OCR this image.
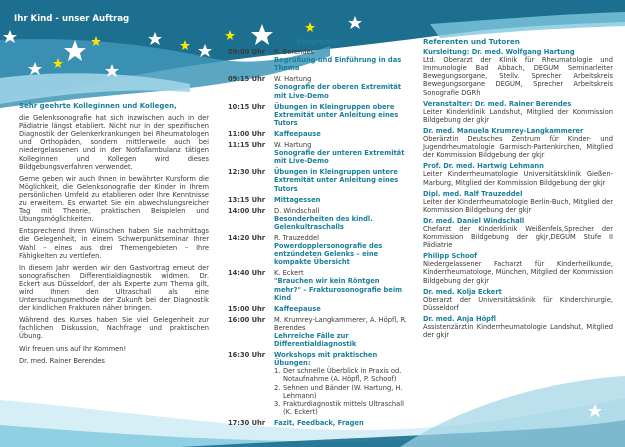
Ihr Kind - unser Auftrag
Sehr geehrte Kolleginnen und Kollegen,
die Gelenksonografie hat sich inzwischen auch in der Pädiatrie längst etabliert. Nicht nur in der spezifischen Diagnostik der Gelenkerkrankungen bei Rheumatologen und Orthopäden, sondern mittlerweile auch bei niedergelassenen und in der Notfallambulanz tätigen Kolleginnen und Kollegen wird dieses Bildgebungsverfahren verwendet.
Gerne geben wir auch Ihnen in bewährter Kursform die Möglichkeit, die Gelenksonografie der Kinder in Ihrem persönlichen Umfeld zu etablieren oder Ihre Kenntnisse zu erweitern. Es erwartet Sie ein abwechslungsreicher Tag mit Theorie, praktischen Beispielen und Übungsmöglichkeiten.
Entsprechend Ihren Wünschen haben Sie nachmittags die Gelegenheit, in einem Schwerpunktseminar Ihrer Wahl – eines aus drei Themengebieten – Ihre Fähigkeiten zu vertiefen.
In diesem Jahr werden wir den Gastvortrag erneut der sonografischen Differentialdiagnostik widmen. Dr. Eckert aus Düsseldorf, der als Experte zum Thema gilt, wird Ihnen den Ultraschall als eine Untersuchungsmethode der Zukunft bei der Diagnostik der kindlichen Frakturen näher bringen.
Während des Kurses haben Sie viel Gelegenheit zur fachlichen Diskussion, Nachfrage und praktischen Übung.
Wir freuen uns auf Ihr Kommen!
Dr. med. Rainer Berendes
Programm
09:00 Uhr	R. Berendes
Begrüßung und Einführung in das Thema
09:15 Uhr	W. Hartung
Sonografie der oberen Extremität mit Live-Demo
10:15 Uhr	Übungen in Kleingruppen obere Extremität unter Anleitung eines Tutors
11:00 Uhr	Kaffeepause
11:15 Uhr	W. Hartung
Sonografie der unteren Extremität mit Live-Demo
12:30 Uhr	Übungen in Kleingruppen untere Extremität unter Anleitung eines Tutors
13:15 Uhr	Mittagessen
14:00 Uhr	D. Windschall
Besonderheiten des kindl. Gelenkultraschalls
14:20 Uhr	R. Trauzeddel
Powerdopplersonografie des entzündeten Gelenks – eine kompakte Übersicht
14:40 Uhr	K. Eckert
"Brauchen wir kein Röntgen mehr?" – Frakturosonografie beim Kind
15:00 Uhr	Kaffeepause
16:00 Uhr	M. Krumrey-Langkammerer, A. Höpfl, R. Berendes
Lehrreiche Fälle zur Differentialdiagnostik
16:30 Uhr	Workshops mit praktischen Übungen:
1. Der schnelle Überblick in Praxis od. Notaufnahme (A. Höpfl, P. Schoof)
2. Sehnen und Bänder (W. Hartung, H. Lehmann)
3. Frakturdiagnostik mittels Ultraschall (K. Eckert)
17:30 Uhr	Fazit, Feedback, Fragen
Referenten und Tutoren
Kursleitung: Dr. med. Wolfgang Hartung
Ltd. Oberarzt der Klinik für Rheumatologie und Immunologie Bad Abbach, DEGUM Seminarleiter Bewegungsorgane, Stellv. Sprecher Arbeitskreis Bewegungsorgane DEGUM, Sprecher Arbeitskreis Sonografie DGRh
Veranstalter: Dr. med. Rainer Berendes
Leiter Kinderklinik Landshut, Mitglied der Kommission Bildgebung der gkjr
Dr. med. Manuela Krumrey-Langkammerer
Oberärztin Deutsches Zentrum für Kinder- und Jugendrheumatologie Garmisch-Partenkirchen, Mitglied der Kommission Bildgebung der gkjr
Prof. Dr. med. Hartwig Lehmann
Leiter Kinderrheumatologie Universitätsklinik Gießen-Marburg, Mitglied der Kommission Bildgebung der gkjr
Dipl. med. Ralf Trauzeddel
Leiter der Kinderrheumatologie Berlin-Buch, Mitglied der Kommission Bildgebung der gkjr
Dr. med. Daniel Windschall
Chefarzt der Kinderklinik Weißenfels,Sprecher der Kommission Bildgebung der gkjr,DEGUM Stufe II Pädiatrie
Philipp Schoof
Niedergelassener Facharzt für Kinderheilkunde, Kinderrheumatologe, München, Mitglied der Kommission Bildgebung der gkjr
Dr. med. Kolja Eckert
Oberarzt der Universitätsklinik für Kinderchirurgie, Düsseldorf
Dr. med. Anja Höpfl
Assistenzärztin Kinderrheumatologie Landshut, Mitglied der gkjr
